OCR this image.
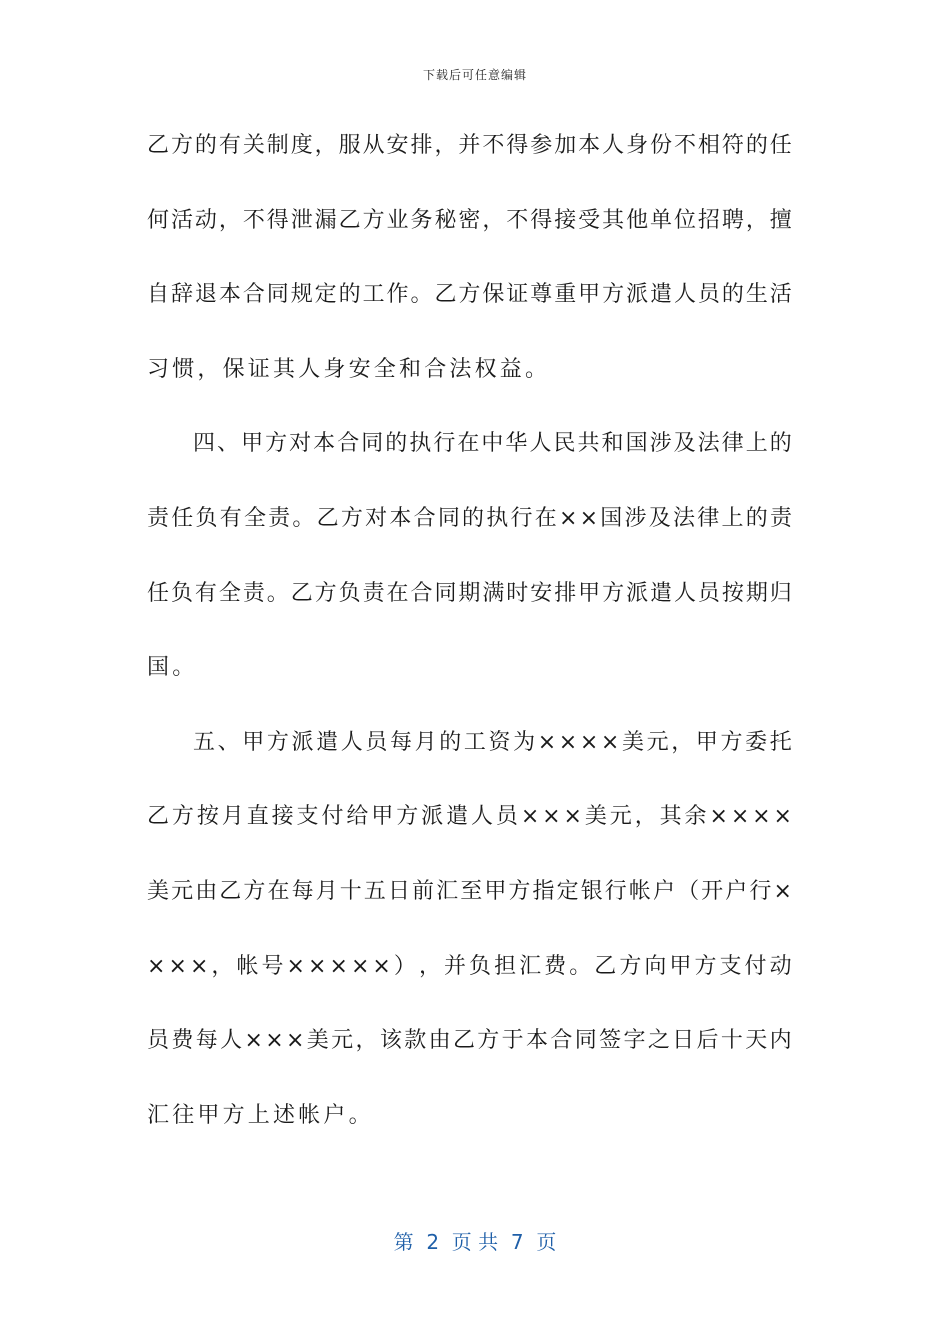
下载后可任意编辑
乙 方 的 有 关 制 度 ， 服 从 安 排 ， 并 不 得 参 加 本 人 身 份 不 相 符 的 任
何 活 动 ， 不 得 泄 漏 乙 方 业 务 秘 密 ， 不 得 接 受 其 他 单 位 招 聘 ， 擅
自 辞 退 本 合 同 规 定 的 工 作 。 乙 方 保 证 尊 重 甲 方 派 遣 人 员 的 生 活
习惯，保证其人身安全和合法权益。
四 、 甲 方 对 本 合 同 的 执 行 在 中 华 人 民 共 和 国 涉 及 法 律 上 的
责 任 负 有 全 责 。 乙 方 对 本 合 同 的 执 行 在 × × 国 涉 及 法 律 上 的 责
任 负 有 全 责 。 乙 方 负 责 在 合 同 期 满 时 安 排 甲 方 派 遣 人 员 按 期 归
国。
五 、 甲 方 派 遣 人 员 每 月 的 工 资 为 × × × × 美 元 ， 甲 方 委 托
乙 方 按 月 直 接 支 付 给 甲 方 派 遣 人 员 × × × 美 元 ， 其 余 × × × ×
美 元 由 乙 方 在 每 月 十 五 日 前 汇 至 甲 方 指 定 银 行 帐 户 （ 开 户 行 ×
× × × ， 帐 号 × × × × × ） ， 并 负 担 汇 费 。 乙 方 向 甲 方 支 付 动
员 费 每 人 × × × 美 元 ， 该 款 由 乙 方 于 本 合 同 签 字 之 日 后 十 天 内
汇往甲方上述帐户。
第  2  页 共  7  页
